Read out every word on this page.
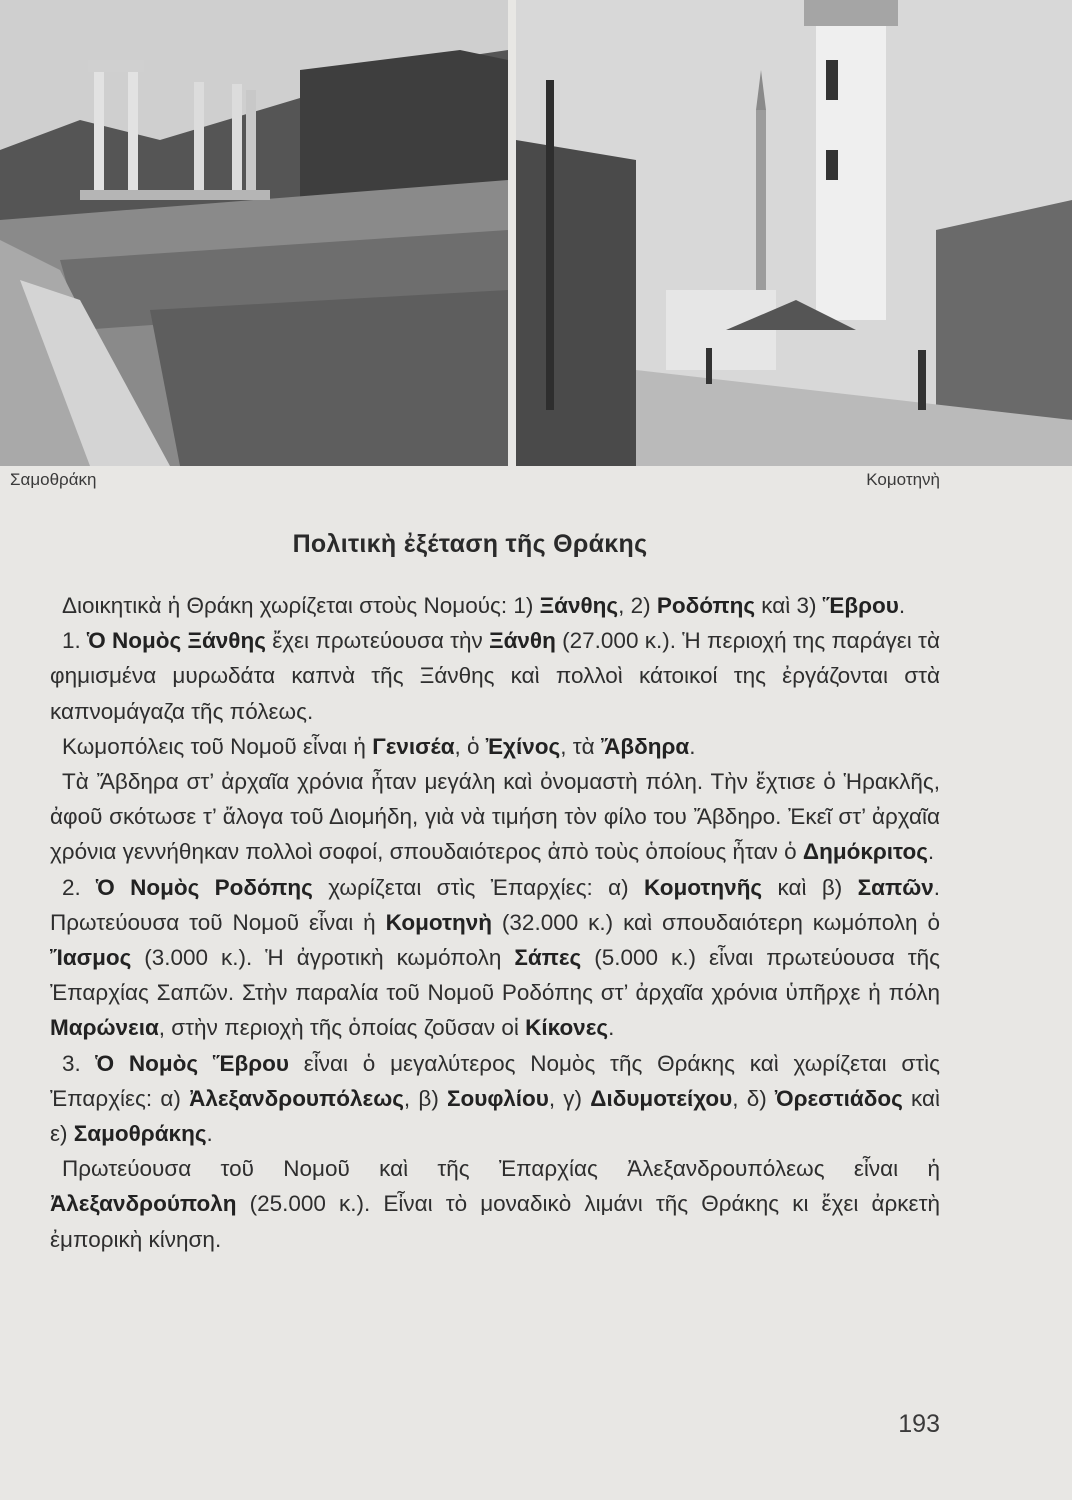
Σαμοθράκη	Κομοτηνὴ
Πολιτικὴ ἐξέταση τῆς Θράκης

Διοικητικὰ ἡ Θράκη χωρίζεται στοὺς Νομούς: 1) Ξάνθης, 2) Ροδόπης καὶ 3) Ἕβρου.

1. Ὁ Νομὸς Ξάνθης ἔχει πρωτεύουσα τὴν Ξάνθη (27.000 κ.). Ἡ περιοχή της παράγει τὰ φημισμένα μυρωδάτα καπνὰ τῆς Ξάνθης καὶ πολλοὶ κάτοικοί της ἐργάζονται στὰ καπνομάγαζα τῆς πόλεως.

Κωμοπόλεις τοῦ Νομοῦ εἶναι ἡ Γενισέα, ὁ Ἐχίνος, τὰ Ἄβδηρα.

Τὰ Ἄβδηρα στ’ ἀρχαῖα χρόνια ἦταν μεγάλη καὶ ὀνομαστὴ πόλη. Τὴν ἔχτισε ὁ Ἡρακλῆς, ἀφοῦ σκότωσε τ’ ἄλογα τοῦ Διομήδη, γιὰ νὰ τιμήση τὸν φίλο του Ἄβδηρο. Ἐκεῖ στ’ ἀρχαῖα χρόνια γεννήθηκαν πολλοὶ σοφοί, σπουδαιότερος ἀπὸ τοὺς ὁποίους ἦταν ὁ Δημόκριτος.

2. Ὁ Νομὸς Ροδόπης χωρίζεται στὶς Ἐπαρχίες: α) Κομοτηνῆς καὶ β) Σαπῶν. Πρωτεύουσα τοῦ Νομοῦ εἶναι ἡ Κομοτηνὴ (32.000 κ.) καὶ σπουδαιότερη κωμόπολη ὁ Ἴασμος (3.000 κ.). Ἡ ἀγροτικὴ κωμόπολη Σάπες (5.000 κ.) εἶναι πρωτεύουσα τῆς Ἐπαρχίας Σαπῶν. Στὴν παραλία τοῦ Νομοῦ Ροδόπης στ’ ἀρχαῖα χρόνια ὑπῆρχε ἡ πόλη Μαρώνεια, στὴν περιοχὴ τῆς ὁποίας ζοῦσαν οἱ Κίκονες.

3. Ὁ Νομὸς Ἕβρου εἶναι ὁ μεγαλύτερος Νομὸς τῆς Θράκης καὶ χωρίζεται στὶς Ἐπαρχίες: α) Ἀλεξανδρουπόλεως, β) Σουφλίου, γ) Διδυμοτείχου, δ) Ὀρεστιάδος καὶ ε) Σαμοθράκης.

Πρωτεύουσα τοῦ Νομοῦ καὶ τῆς Ἐπαρχίας Ἀλεξανδρουπόλεως εἶναι ἡ Ἀλεξανδρούπολη (25.000 κ.). Εἶναι τὸ μοναδικὸ λιμάνι τῆς Θράκης κι ἔχει ἀρκετὴ ἐμπορικὴ κίνηση.

193
